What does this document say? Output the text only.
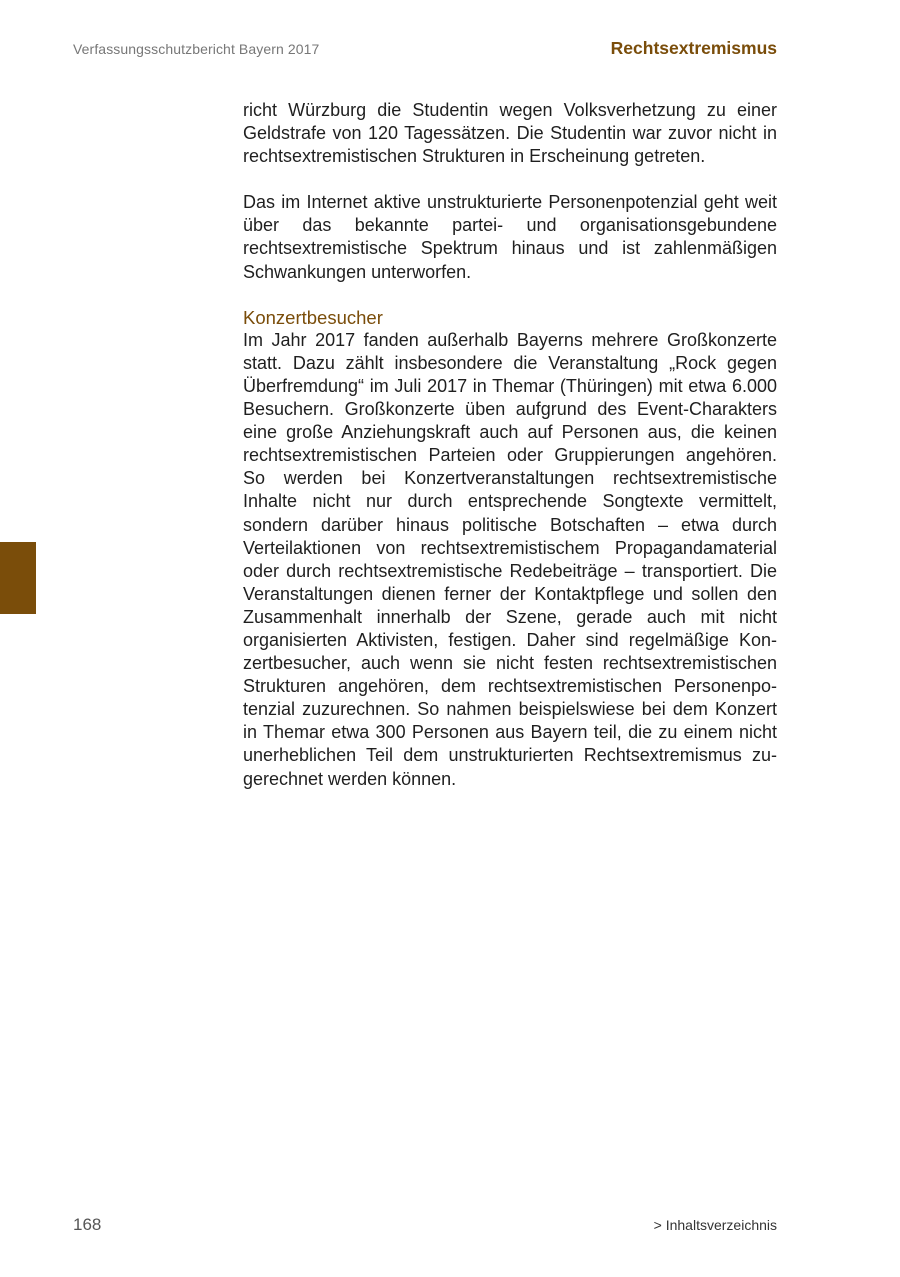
Verfassungsschutzbericht Bayern 2017	Rechtsextremismus

richt Würzburg die Studentin wegen Volksverhetzung zu einer Geldstrafe von 120 Tagessätzen. Die Studentin war zuvor nicht in rechtsextremistischen Strukturen in Erscheinung getreten.

Das im Internet aktive unstrukturierte Personenpotenzial geht weit über das bekannte partei- und organisationsgebundene rechtsextremistische Spektrum hinaus und ist zahlenmäßigen Schwankungen unterworfen.

Konzertbesucher

Im Jahr 2017 fanden außerhalb Bayerns mehrere Großkonzerte statt. Dazu zählt insbesondere die Veranstaltung „Rock gegen Überfremdung“ im Juli 2017 in Themar (Thüringen) mit etwa 6.000 Besuchern. Großkonzerte üben aufgrund des Event-Charakters eine große Anziehungskraft auch auf Personen aus, die keinen rechtsextremistischen Parteien oder Gruppierungen angehören. So werden bei Konzertveranstaltungen rechtsextremistische Inhalte nicht nur durch entsprechende Songtexte vermittelt, sondern darüber hinaus politische Botschaften – etwa durch Verteilaktionen von rechtsextremistischem Propagandamaterial oder durch rechtsextremistische Redebeiträge – transportiert. Die Veranstaltungen dienen ferner der Kontaktpflege und sollen den Zusammenhalt innerhalb der Szene, gerade auch mit nicht organisierten Aktivisten, festigen. Daher sind regelmäßige Konzertbesucher, auch wenn sie nicht festen rechtsextremistischen Strukturen angehören, dem rechtsextremistischen Personenpotenzial zuzurechnen. So nahmen beispielswiese bei dem Konzert in Themar etwa 300 Personen aus Bayern teil, die zu einem nicht unerheblichen Teil dem unstrukturierten Rechtsextremismus zugerechnet werden können.

168	> Inhaltsverzeichnis
